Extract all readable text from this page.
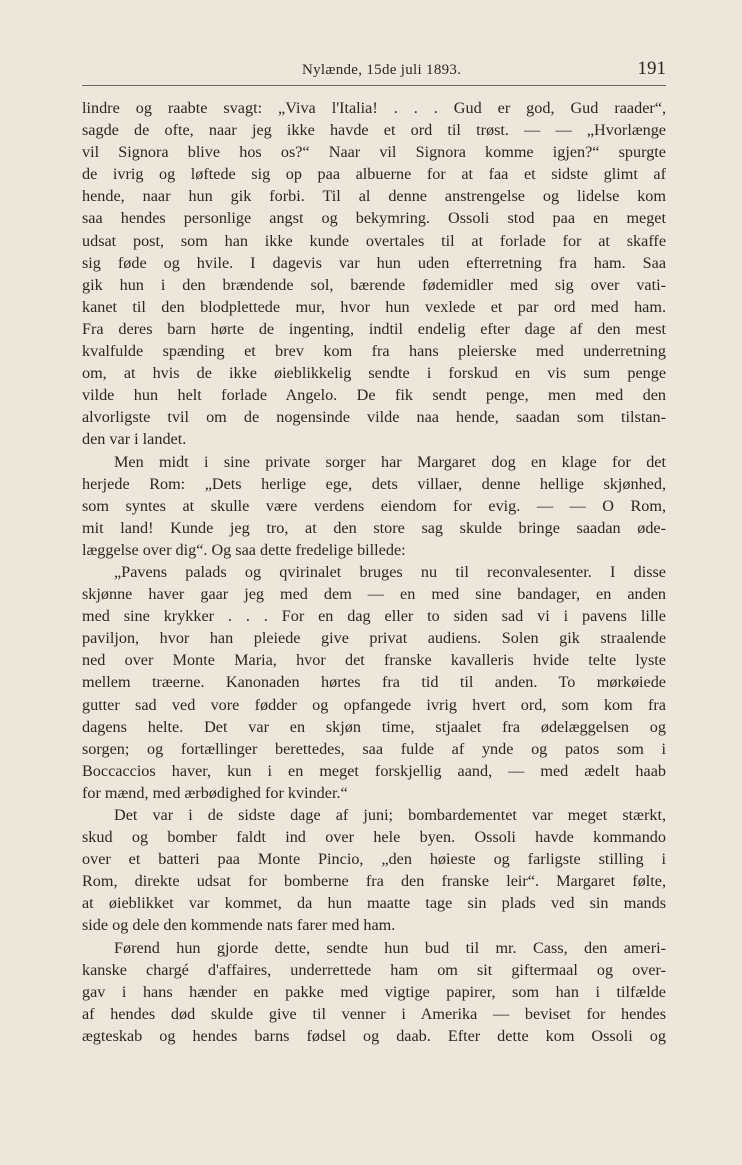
Nylænde, 15de juli 1893.	191
lindre og raabte svagt: „Viva l'Italia! . . . Gud er god, Gud raader“,
sagde de ofte, naar jeg ikke havde et ord til trøst. — — „Hvorlænge
vil Signora blive hos os?“ Naar vil Signora komme igjen?“ spurgte
de ivrig og løftede sig op paa albuerne for at faa et sidste glimt af
hende, naar hun gik forbi. Til al denne anstrengelse og lidelse kom
saa hendes personlige angst og bekymring. Ossoli stod paa en meget
udsat post, som han ikke kunde overtales til at forlade for at skaffe
sig føde og hvile. I dagevis var hun uden efterretning fra ham. Saa
gik hun i den brændende sol, bærende fødemidler med sig over vati-
kanet til den blodplettede mur, hvor hun vexlede et par ord med ham.
Fra deres barn hørte de ingenting, indtil endelig efter dage af den mest
kvalfulde spænding et brev kom fra hans pleierske med underretning
om, at hvis de ikke øieblikkelig sendte i forskud en vis sum penge
vilde hun helt forlade Angelo. De fik sendt penge, men med den
alvorligste tvil om de nogensinde vilde naa hende, saadan som tilstan-
den var i landet.
Men midt i sine private sorger har Margaret dog en klage for det
herjede Rom: „Dets herlige ege, dets villaer, denne hellige skjønhed,
som syntes at skulle være verdens eiendom for evig. — — O Rom,
mit land! Kunde jeg tro, at den store sag skulde bringe saadan øde-
læggelse over dig“. Og saa dette fredelige billede:
„Pavens palads og qvirinalet bruges nu til reconvalesenter. I disse
skjønne haver gaar jeg med dem — en med sine bandager, en anden
med sine krykker . . . For en dag eller to siden sad vi i pavens lille
paviljon, hvor han pleiede give privat audiens. Solen gik straalende
ned over Monte Maria, hvor det franske kavalleris hvide telte lyste
mellem træerne. Kanonaden hørtes fra tid til anden. To mørkøiede
gutter sad ved vore fødder og opfangede ivrig hvert ord, som kom fra
dagens helte. Det var en skjøn time, stjaalet fra ødelæggelsen og
sorgen; og fortællinger berettedes, saa fulde af ynde og patos som i
Boccaccios haver, kun i en meget forskjellig aand, — med ædelt haab
for mænd, med ærbødighed for kvinder.“
Det var i de sidste dage af juni; bombardementet var meget stærkt,
skud og bomber faldt ind over hele byen. Ossoli havde kommando
over et batteri paa Monte Pincio, „den høieste og farligste stilling i
Rom, direkte udsat for bomberne fra den franske leir“. Margaret følte,
at øieblikket var kommet, da hun maatte tage sin plads ved sin mands
side og dele den kommende nats farer med ham.
Førend hun gjorde dette, sendte hun bud til mr. Cass, den ameri-
kanske chargé d'affaires, underrettede ham om sit giftermaal og over-
gav i hans hænder en pakke med vigtige papirer, som han i tilfælde
af hendes død skulde give til venner i Amerika — beviset for hendes
ægteskab og hendes barns fødsel og daab. Efter dette kom Ossoli og
